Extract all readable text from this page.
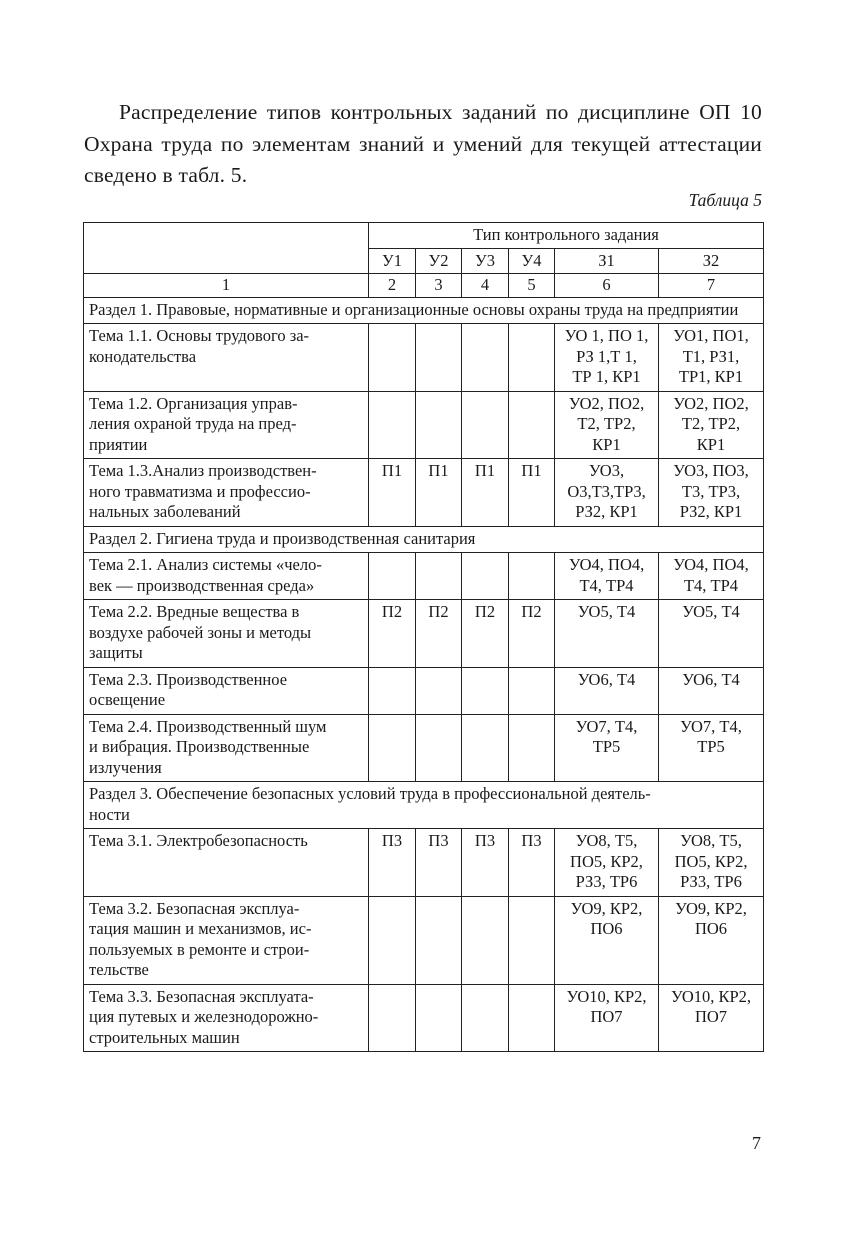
Распределение типов контрольных заданий по дисциплине ОП 10 Охрана труда по элементам знаний и умений для текущей аттестации сведено в табл. 5.

Таблица 5
	Тип контрольного задания					
	У1	У2	У3	У4	З1	З2
1	2	3	4	5	6	7
Раздел 1. Правовые, нормативные и организационные основы охраны труда на предприятии						
Тема 1.1. Основы трудового за-
конодательства					УО 1, ПО 1,
РЗ 1,Т 1,
ТР 1, КР1	УО1, ПО1,
Т1, РЗ1,
ТР1, КР1
Тема 1.2. Организация управ-
ления охраной труда на пред-
приятии					УО2, ПО2,
Т2, ТР2,
КР1	УО2, ПО2,
Т2, ТР2,
КР1
Тема 1.3.Анализ производствен-
ного травматизма и профессио-
нальных заболеваний	П1	П1	П1	П1	УО3,
О3,Т3,ТР3,
РЗ2, КР1	УО3, ПО3,
Т3, ТР3,
РЗ2, КР1
Раздел 2. Гигиена труда и производственная санитария						
Тема 2.1. Анализ системы «чело-
век — производственная среда»					УО4, ПО4,
Т4, ТР4	УО4, ПО4,
Т4, ТР4
Тема 2.2. Вредные вещества в
воздухе рабочей зоны и методы
защиты	П2	П2	П2	П2	УО5, Т4	УО5, Т4
Тема 2.3. Производственное
освещение					УО6, Т4	УО6, Т4
Тема 2.4. Производственный шум
и вибрация. Производственные
излучения					УО7, Т4,
ТР5	УО7, Т4,
ТР5
Раздел 3. Обеспечение безопасных условий труда в профессиональной деятель-
ности						
Тема 3.1. Электробезопасность	П3	П3	П3	П3	УО8, Т5,
ПО5, КР2,
РЗ3, ТР6	УО8, Т5,
ПО5, КР2,
РЗ3, ТР6
Тема 3.2. Безопасная эксплуа-
тация машин и механизмов, ис-
пользуемых в ремонте и строи-
тельстве					УО9, КР2,
ПО6	УО9, КР2,
ПО6
Тема 3.3. Безопасная эксплуата-
ция путевых и железнодорожно-
строительных машин					УО10, КР2,
ПО7	УО10, КР2,
ПО7
7
